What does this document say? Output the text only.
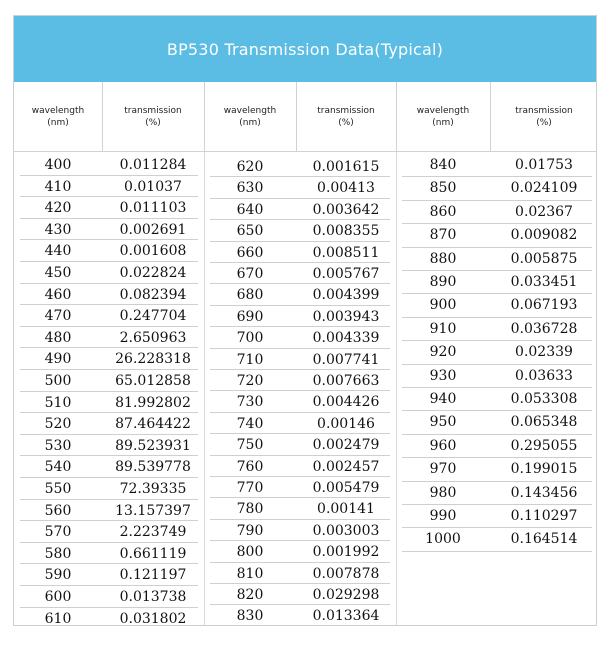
BP530 Transmission Data(Typical)
wavelength
(nm)
transmission
(%)
wavelength
(nm)
transmission
(%)
wavelength
(nm)
transmission
(%)
400	0.011284
410	0.01037
420	0.011103
430	0.002691
440	0.001608
450	0.022824
460	0.082394
470	0.247704
480	2.650963
490	26.228318
500	65.012858
510	81.992802
520	87.464422
530	89.523931
540	89.539778
550	72.39335
560	13.157397
570	2.223749
580	0.661119
590	0.121197
600	0.013738
610	0.031802
620	0.001615
630	0.00413
640	0.003642
650	0.008355
660	0.008511
670	0.005767
680	0.004399
690	0.003943
700	0.004339
710	0.007741
720	0.007663
730	0.004426
740	0.00146
750	0.002479
760	0.002457
770	0.005479
780	0.00141
790	0.003003
800	0.001992
810	0.007878
820	0.029298
830	0.013364
840	0.01753
850	0.024109
860	0.02367
870	0.009082
880	0.005875
890	0.033451
900	0.067193
910	0.036728
920	0.02339
930	0.03633
940	0.053308
950	0.065348
960	0.295055
970	0.199015
980	0.143456
990	0.110297
1000	0.164514
